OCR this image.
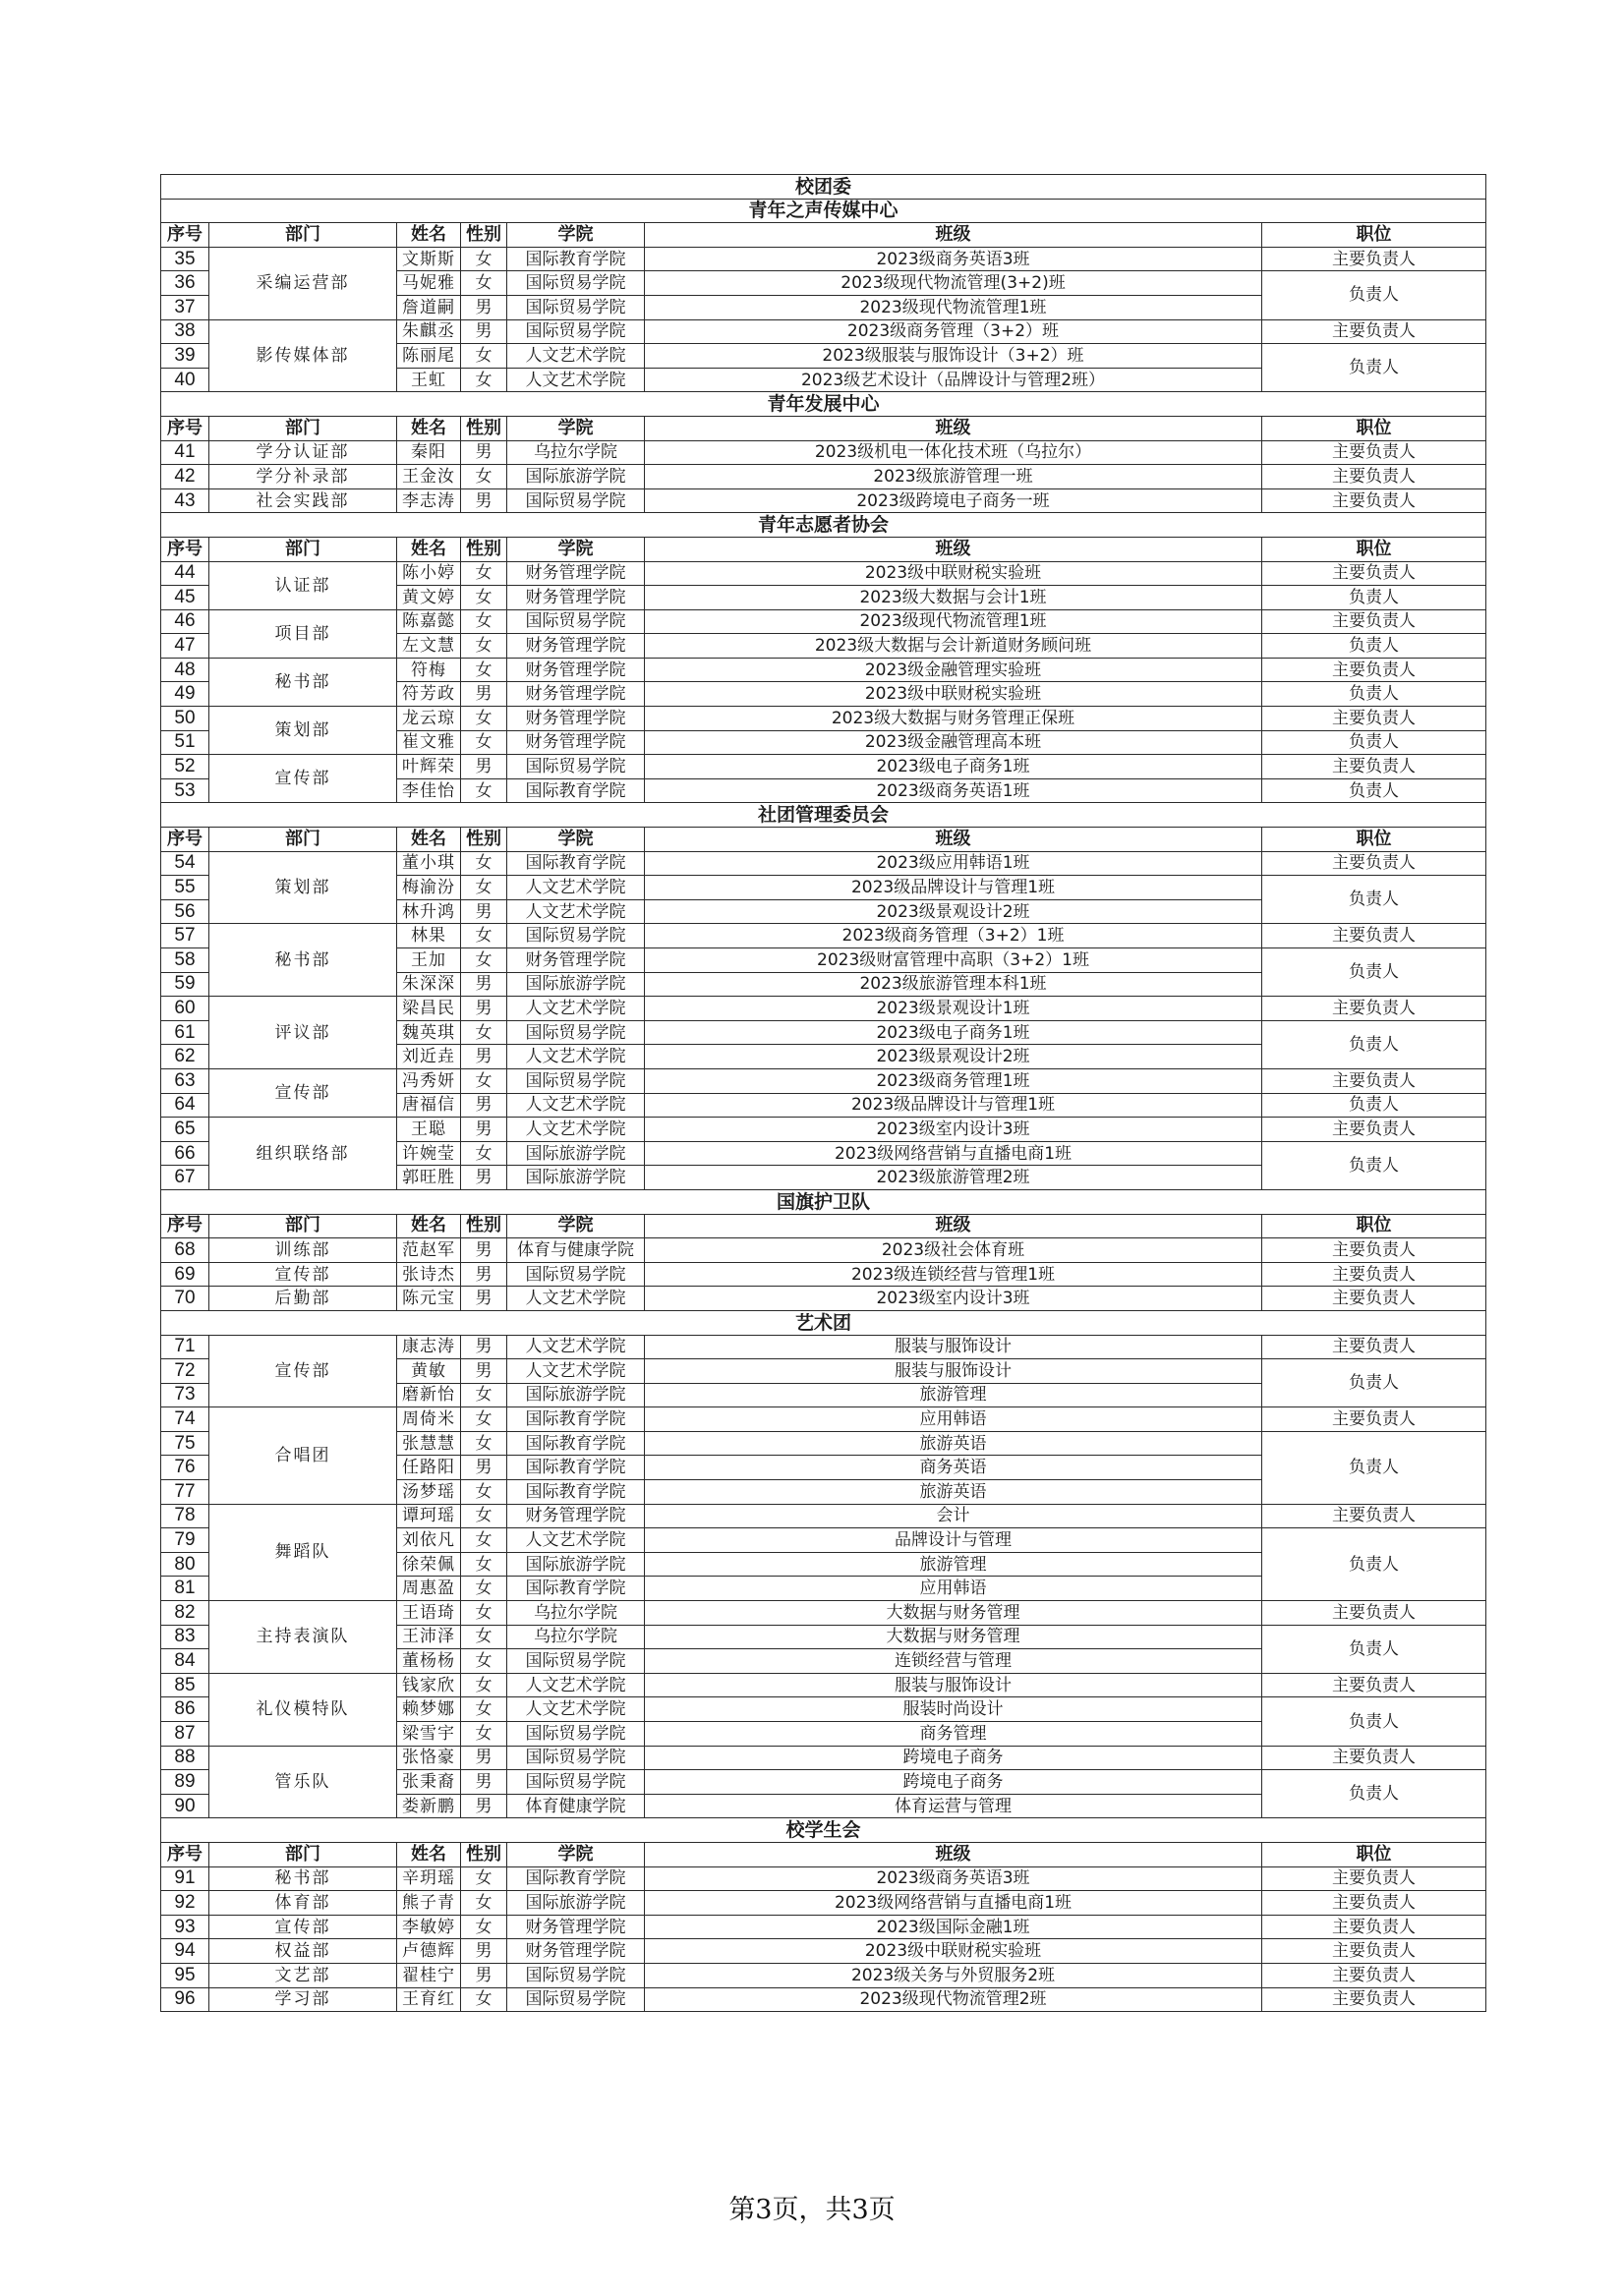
校团委						
青年之声传媒中心						
序号	部门	姓名	性别	学院	班级	职位
35	采编运营部	文斯斯	女	国际教育学院	2023级商务英语3班	主要负责人
36		马妮雅	女	国际贸易学院	2023级现代物流管理(3+2)班	负责人
37		詹道嗣	男	国际贸易学院	2023级现代物流管理1班	
38	影传媒体部	朱麒丞	男	国际贸易学院	2023级商务管理（3+2）班	主要负责人
39		陈丽尾	女	人文艺术学院	2023级服装与服饰设计（3+2）班	负责人
40		王虹	女	人文艺术学院	2023级艺术设计（品牌设计与管理2班）	
青年发展中心						
序号	部门	姓名	性别	学院	班级	职位
41	学分认证部	秦阳	男	乌拉尔学院	2023级机电一体化技术班（乌拉尔）	主要负责人
42	学分补录部	王金汝	女	国际旅游学院	2023级旅游管理一班	主要负责人
43	社会实践部	李志涛	男	国际贸易学院	2023级跨境电子商务一班	主要负责人
青年志愿者协会						
序号	部门	姓名	性别	学院	班级	职位
44	认证部	陈小婷	女	财务管理学院	2023级中联财税实验班	主要负责人
45		黄文婷	女	财务管理学院	2023级大数据与会计1班	负责人
46	项目部	陈嘉懿	女	国际贸易学院	2023级现代物流管理1班	主要负责人
47		左文慧	女	财务管理学院	2023级大数据与会计新道财务顾问班	负责人
48	秘书部	符梅	女	财务管理学院	2023级金融管理实验班	主要负责人
49		符芳政	男	财务管理学院	2023级中联财税实验班	负责人
50	策划部	龙云琼	女	财务管理学院	2023级大数据与财务管理正保班	主要负责人
51		崔文雅	女	财务管理学院	2023级金融管理高本班	负责人
52	宣传部	叶辉荣	男	国际贸易学院	2023级电子商务1班	主要负责人
53		李佳怡	女	国际教育学院	2023级商务英语1班	负责人
社团管理委员会						
序号	部门	姓名	性别	学院	班级	职位
54	策划部	董小琪	女	国际教育学院	2023级应用韩语1班	主要负责人
55		梅渝汾	女	人文艺术学院	2023级品牌设计与管理1班	负责人
56		林升鸿	男	人文艺术学院	2023级景观设计2班	
57	秘书部	林果	女	国际贸易学院	2023级商务管理（3+2）1班	主要负责人
58		王加	女	财务管理学院	2023级财富管理中高职（3+2）1班	负责人
59		朱深深	男	国际旅游学院	2023级旅游管理本科1班	
60	评议部	梁昌民	男	人文艺术学院	2023级景观设计1班	主要负责人
61		魏英琪	女	国际贸易学院	2023级电子商务1班	负责人
62		刘近垚	男	人文艺术学院	2023级景观设计2班	
63	宣传部	冯秀妍	女	国际贸易学院	2023级商务管理1班	主要负责人
64		唐福信	男	人文艺术学院	2023级品牌设计与管理1班	负责人
65	组织联络部	王聪	男	人文艺术学院	2023级室内设计3班	主要负责人
66		许婉莹	女	国际旅游学院	2023级网络营销与直播电商1班	负责人
67		郭旺胜	男	国际旅游学院	2023级旅游管理2班	
国旗护卫队						
序号	部门	姓名	性别	学院	班级	职位
68	训练部	范赵军	男	体育与健康学院	2023级社会体育班	主要负责人
69	宣传部	张诗杰	男	国际贸易学院	2023级连锁经营与管理1班	主要负责人
70	后勤部	陈元宝	男	人文艺术学院	2023级室内设计3班	主要负责人
艺术团						
71	宣传部	康志涛	男	人文艺术学院	服装与服饰设计	主要负责人
72		黄敏	男	人文艺术学院	服装与服饰设计	负责人
73		磨新怡	女	国际旅游学院	旅游管理	
74	合唱团	周倚米	女	国际教育学院	应用韩语	主要负责人
75		张慧慧	女	国际教育学院	旅游英语	负责人
76		任路阳	男	国际教育学院	商务英语	
77		汤梦瑶	女	国际教育学院	旅游英语	
78	舞蹈队	谭珂瑶	女	财务管理学院	会计	主要负责人
79		刘依凡	女	人文艺术学院	品牌设计与管理	负责人
80		徐荣佩	女	国际旅游学院	旅游管理	
81		周惠盈	女	国际教育学院	应用韩语	
82	主持表演队	王语琦	女	乌拉尔学院	大数据与财务管理	主要负责人
83		王沛泽	女	乌拉尔学院	大数据与财务管理	负责人
84		董杨杨	女	国际贸易学院	连锁经营与管理	
85	礼仪模特队	钱家欣	女	人文艺术学院	服装与服饰设计	主要负责人
86		赖梦娜	女	人文艺术学院	服装时尚设计	负责人
87		梁雪宇	女	国际贸易学院	商务管理	
88	管乐队	张恪豪	男	国际贸易学院	跨境电子商务	主要负责人
89		张秉裔	男	国际贸易学院	跨境电子商务	负责人
90		娄新鹏	男	体育健康学院	体育运营与管理	
校学生会						
序号	部门	姓名	性别	学院	班级	职位
91	秘书部	辛玥瑶	女	国际教育学院	2023级商务英语3班	主要负责人
92	体育部	熊子青	女	国际旅游学院	2023级网络营销与直播电商1班	主要负责人
93	宣传部	李敏婷	女	财务管理学院	2023级国际金融1班	主要负责人
94	权益部	卢德辉	男	财务管理学院	2023级中联财税实验班	主要负责人
95	文艺部	翟桂宁	男	国际贸易学院	2023级关务与外贸服务2班	主要负责人
96	学习部	王育红	女	国际贸易学院	2023级现代物流管理2班	主要负责人
第3页，共3页
